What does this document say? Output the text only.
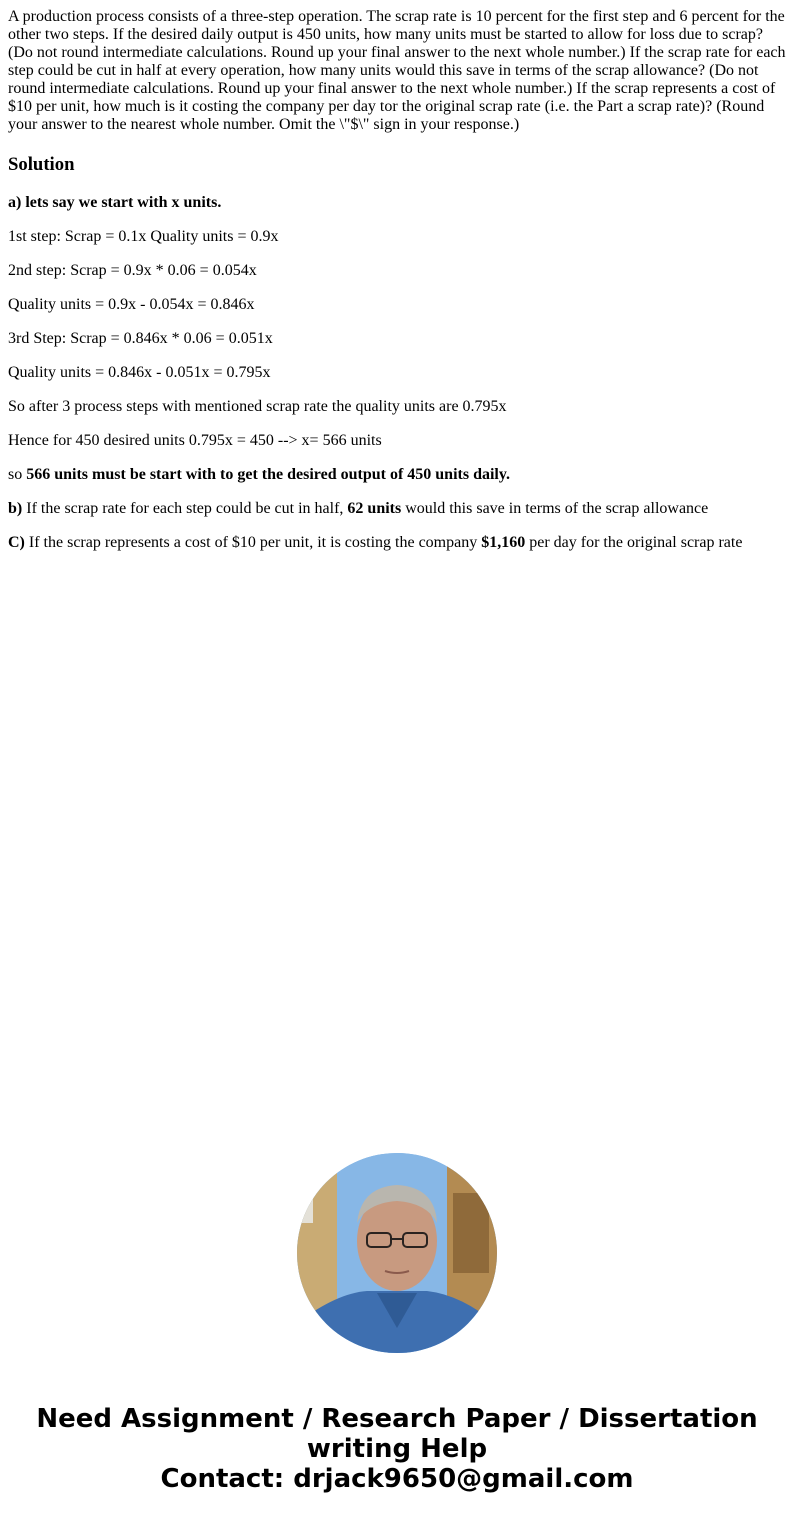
A production process consists of a three-step operation. The scrap rate is 10 percent for the first step and 6 percent for the other two steps. If the desired daily output is 450 units, how many units must be started to allow for loss due to scrap? (Do not round intermediate calculations. Round up your final answer to the next whole number.) If the scrap rate for each step could be cut in half at every operation, how many units would this save in terms of the scrap allowance? (Do not round intermediate calculations. Round up your final answer to the next whole number.) If the scrap represents a cost of $10 per unit, how much is it costing the company per day tor the original scrap rate (i.e. the Part a scrap rate)? (Round your answer to the nearest whole number. Omit the \"$\" sign in your response.)

Solution

a) lets say we start with x units.

1st step: Scrap = 0.1x Quality units = 0.9x

2nd step: Scrap = 0.9x * 0.06 = 0.054x

Quality units = 0.9x - 0.054x = 0.846x

3rd Step: Scrap = 0.846x * 0.06 = 0.051x

Quality units = 0.846x - 0.051x = 0.795x

So after 3 process steps with mentioned scrap rate the quality units are 0.795x

Hence for 450 desired units 0.795x = 450 --> x= 566 units

so 566 units must be start with to get the desired output of 450 units daily.

b) If the scrap rate for each step could be cut in half, 62 units would this save in terms of the scrap allowance

C) If the scrap represents a cost of $10 per unit, it is costing the company $1,160 per day for the original scrap rate

Need Assignment / Research Paper / Dissertation
writing Help
Contact: drjack9650@gmail.com
